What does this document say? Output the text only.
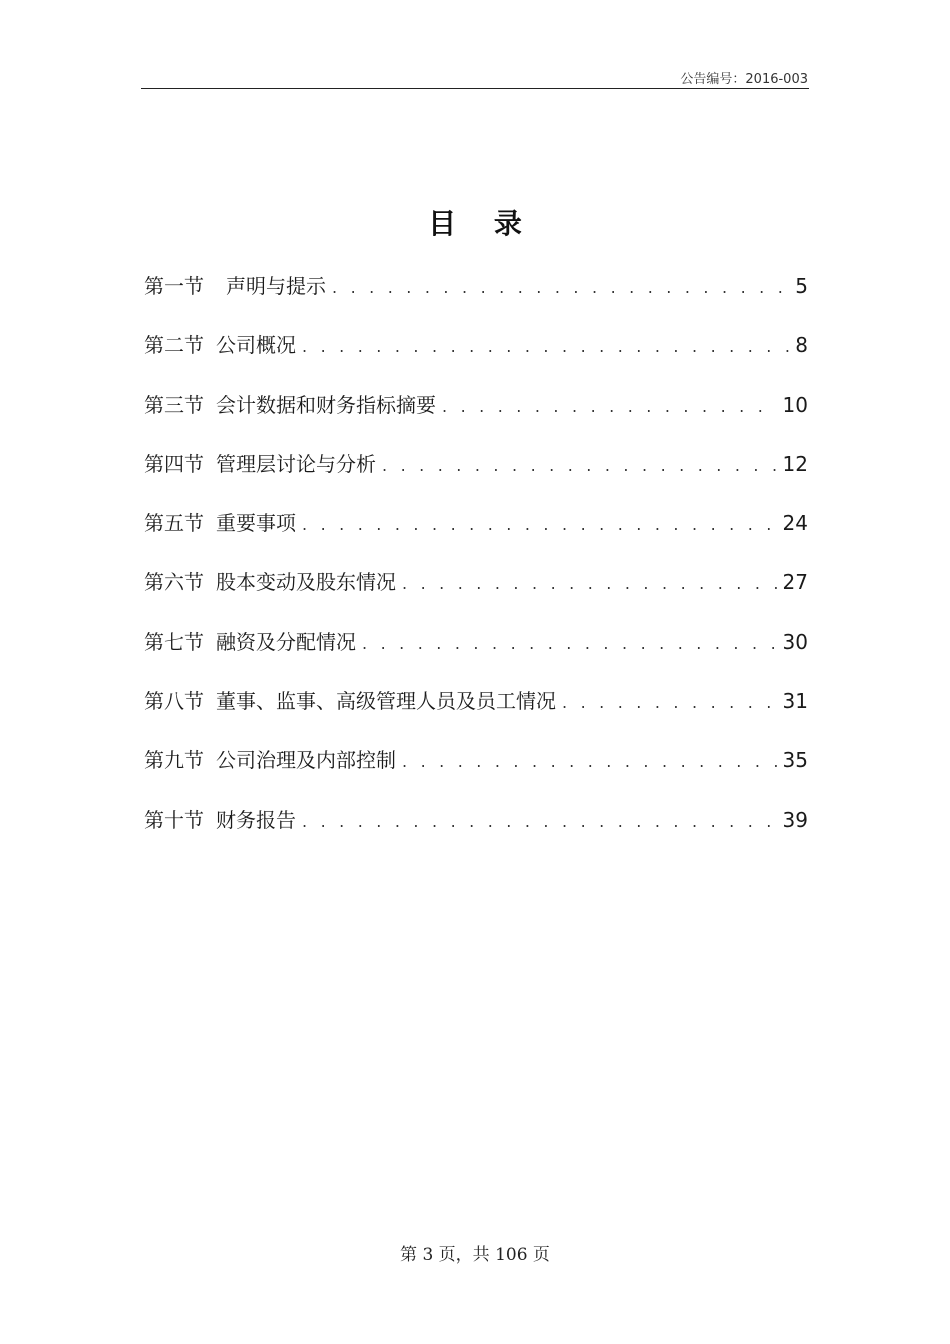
公告编号：2016-003
目 录
第一节 声明与提示 . . .	5
第二节 公司概况 . . .	8
第三节 会计数据和财务指标摘要 . . .	10
第四节 管理层讨论与分析 . . .	12
第五节 重要事项 . . .	24
第六节 股本变动及股东情况 . . .	27
第七节 融资及分配情况 . . .	30
第八节 董事、监事、高级管理人员及员工情况 . . .	31
第九节 公司治理及内部控制 . . .	35
第十节 财务报告 . . .	39
第 3 页，共 106 页
